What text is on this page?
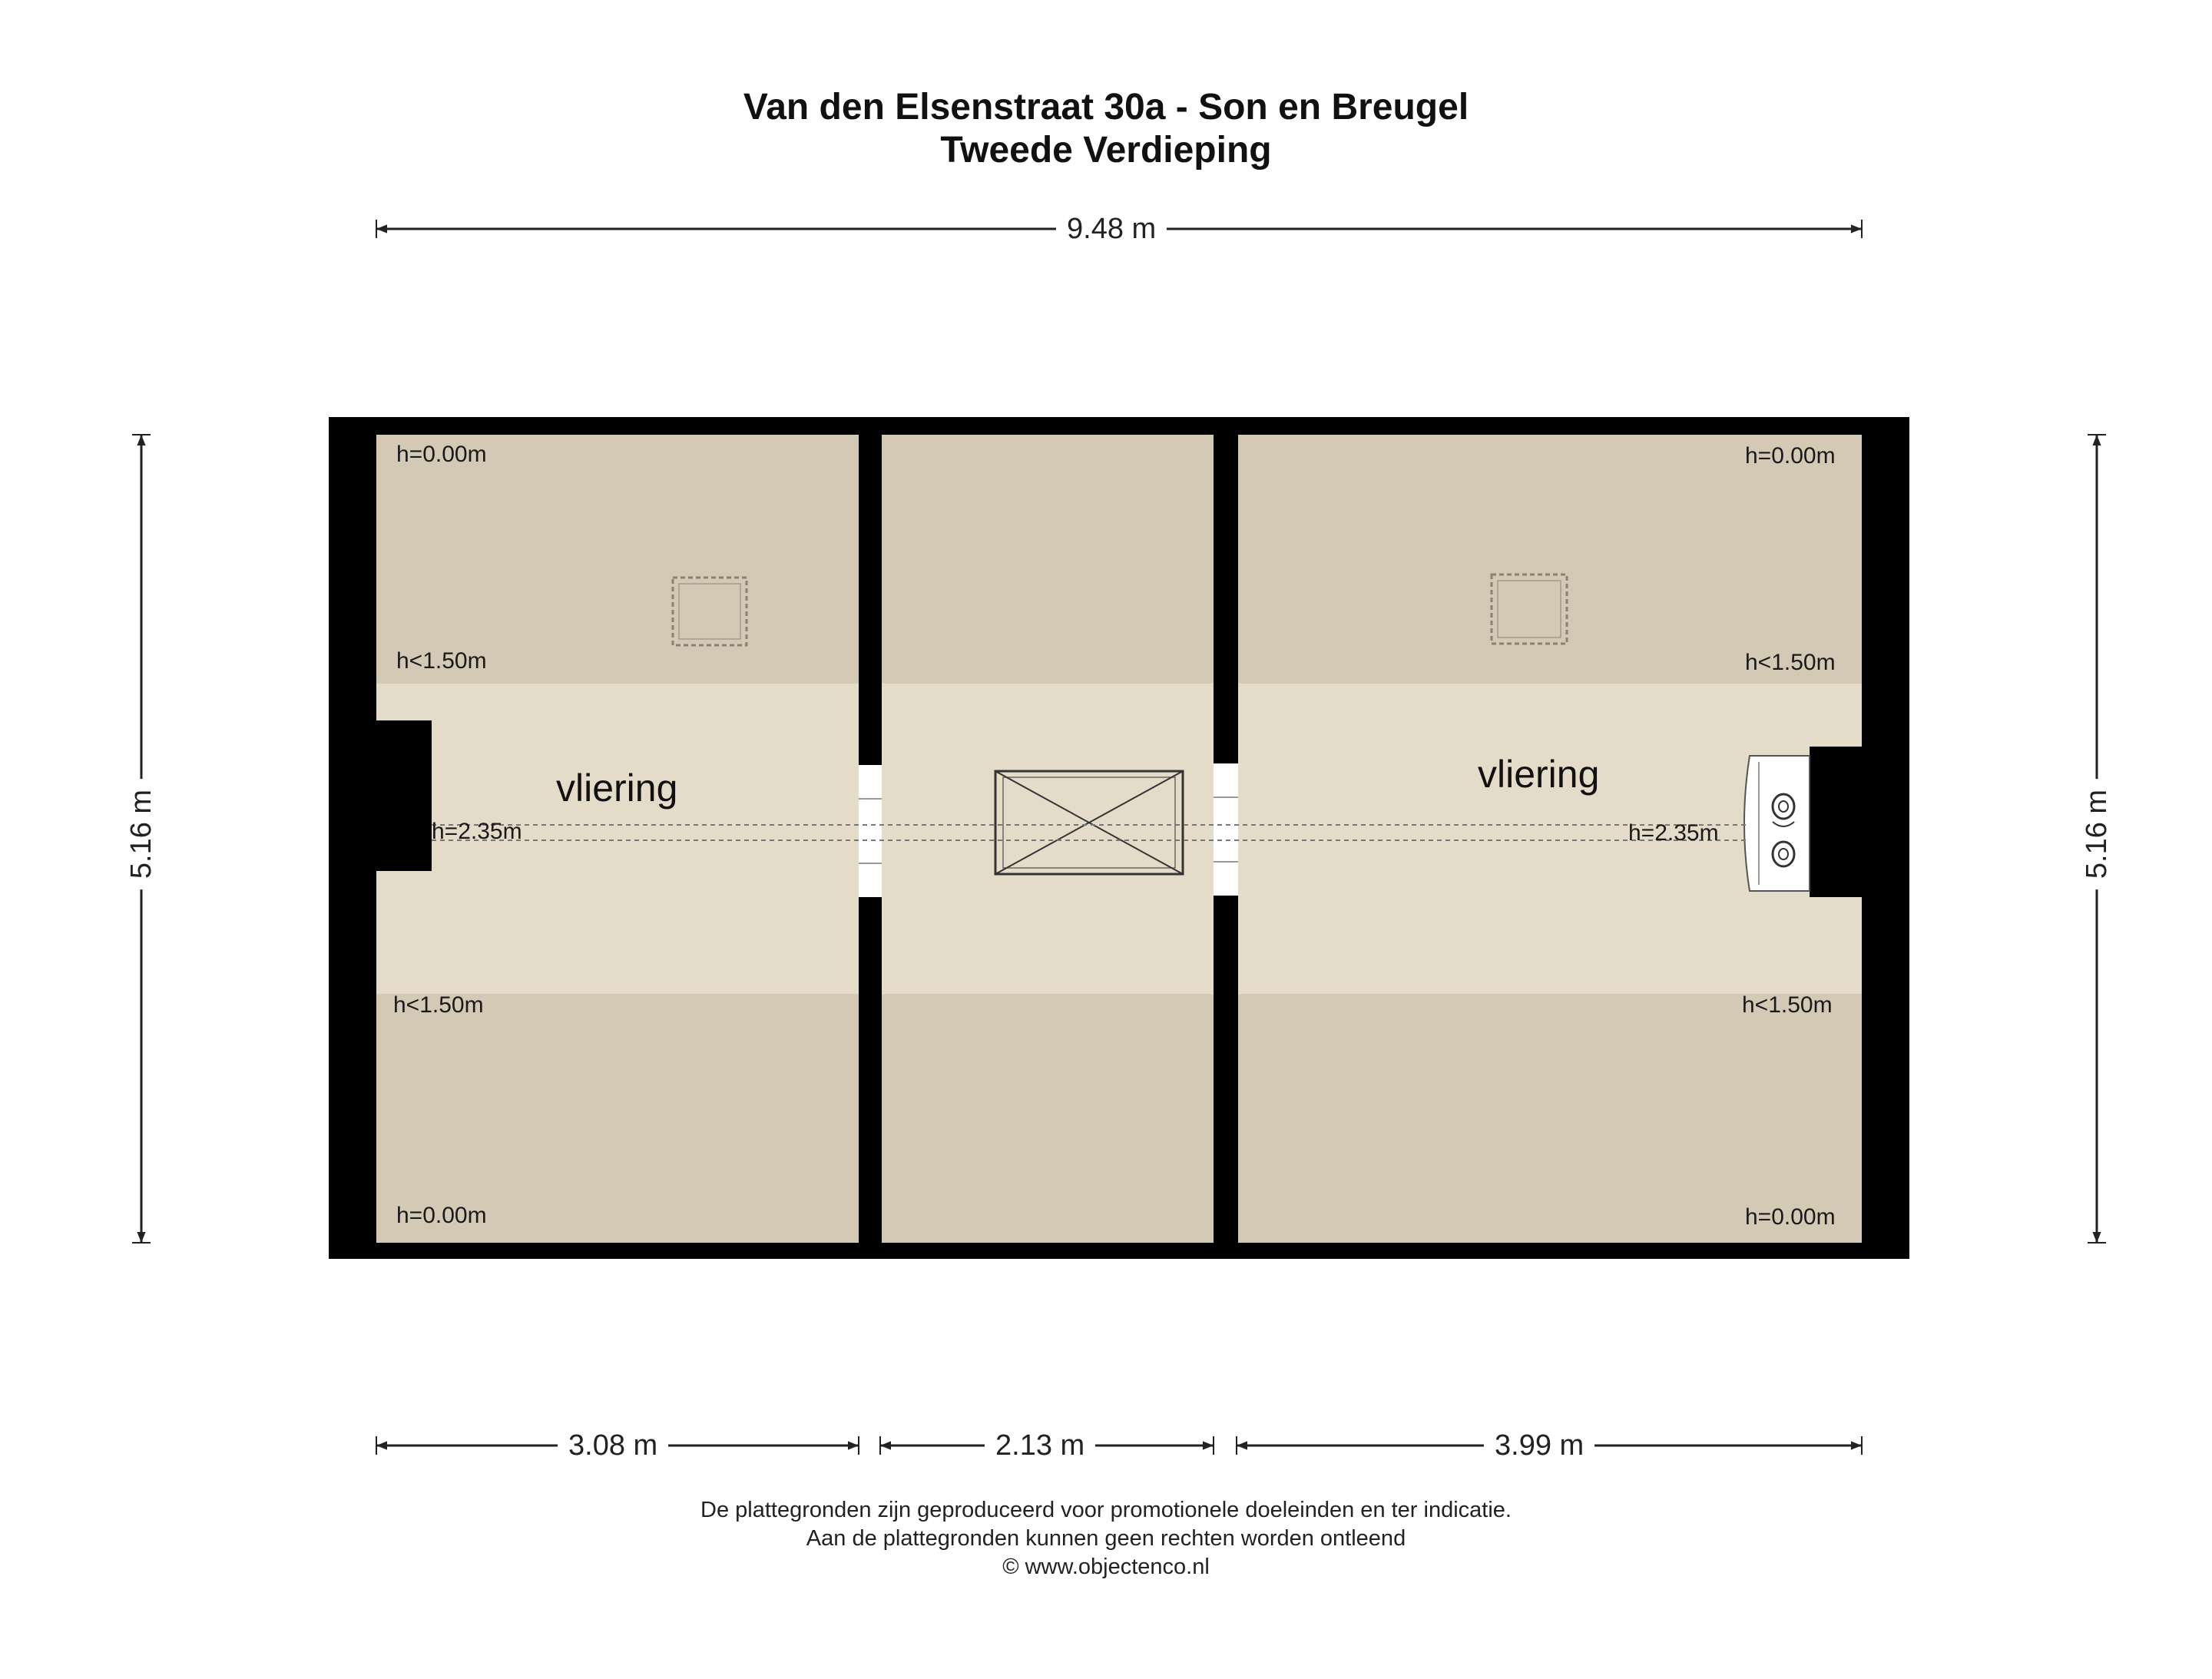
Van den Elsenstraat 30a - Son en Breugel
Tweede Verdieping
9.48 m
5.16 m	5.16 m
3.08 m	2.13 m	3.99 m
h=0.00m
h<1.50m
h=2.35m
h<1.50m
h=0.00m
vliering
h=0.00m
h<1.50m
h=2.35m
h<1.50m
h=0.00m
vliering
De plattegronden zijn geproduceerd voor promotionele doeleinden en ter indicatie.
Aan de plattegronden kunnen geen rechten worden ontleend
© www.objectenco.nl
